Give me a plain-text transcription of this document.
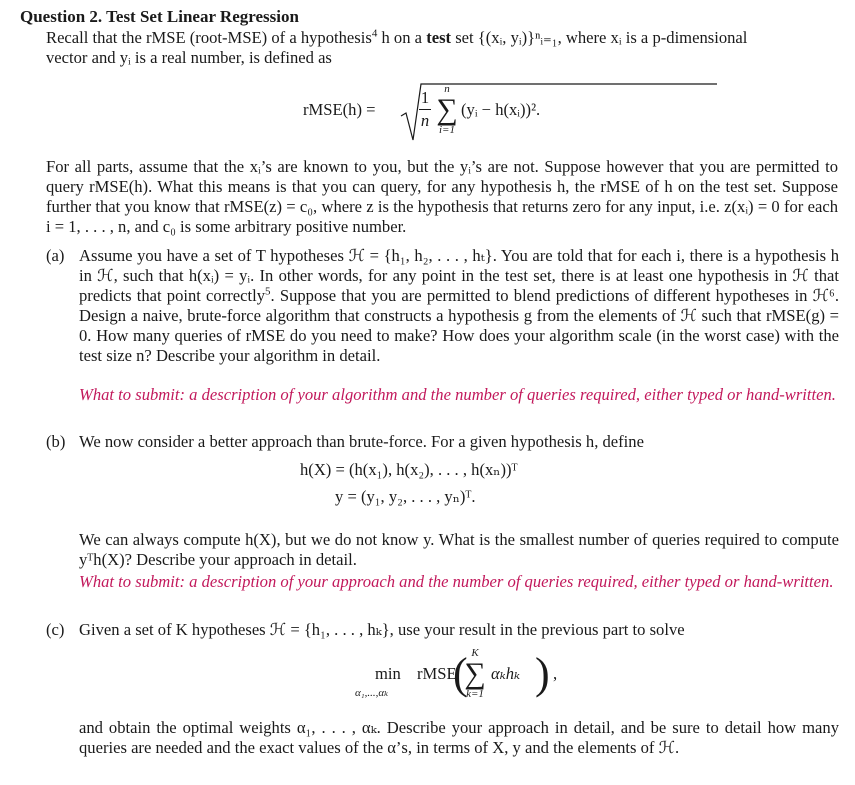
Question 2. Test Set Linear Regression
Recall that the rMSE (root-MSE) of a hypothesis$^4$ h on a test set {(xᵢ, yᵢ)}ⁿᵢ₌₁, where xᵢ is a p-dimensional
vector and yᵢ is a real number, is defined as
rMSE(h) =
1
n
n
∑
i=1
(yᵢ − h(xᵢ))².
For all parts, assume that the xᵢ’s are known to you, but the yᵢ’s are not. Suppose however that you are permitted to query rMSE(h). What this means is that you can query, for any hypothesis h, the rMSE of h on the test set. Suppose further that you know that rMSE(z) = c₀, where z is the hypothesis that returns zero for any input, i.e. z(xᵢ) = 0 for each i = 1, . . . , n, and c₀ is some arbitrary positive number.
(a) Assume you have a set of T hypotheses ℋ = {h₁, h₂, . . . , hₜ}. You are told that for each i, there is a hypothesis h in ℋ, such that h(xᵢ) = yᵢ. In other words, for any point in the test set, there is at least one hypothesis in ℋ that predicts that point correctly$^5$. Suppose that you are permitted to blend predictions of different hypotheses in ℋ⁶. Design a naive, brute-force algorithm that constructs a hypothesis g from the elements of ℋ such that rMSE(g) = 0. How many queries of rMSE do you need to make? How does your algorithm scale (in the worst case) with the test size n? Describe your algorithm in detail.
What to submit: a description of your algorithm and the number of queries required, either typed or hand-written.
(b) We now consider a better approach than brute-force. For a given hypothesis h, define
h(X) = (h(x₁), h(x₂), . . . , h(xₙ))ᵀ
y = (y₁, y₂, . . . , yₙ)ᵀ.
We can always compute h(X), but we do not know y. What is the smallest number of queries required to compute yᵀh(X)? Describe your approach in detail.
What to submit: a description of your approach and the number of queries required, either typed or hand-written.
(c) Given a set of K hypotheses ℋ = {h₁, . . . , hₖ}, use your result in the previous part to solve
min
α₁,...,αₖ
rMSE
( K
∑
k=1
αₖhₖ ) ,
and obtain the optimal weights α₁, . . . , αₖ. Describe your approach in detail, and be sure to detail how many queries are needed and the exact values of the α’s, in terms of X, y and the elements of ℋ.
